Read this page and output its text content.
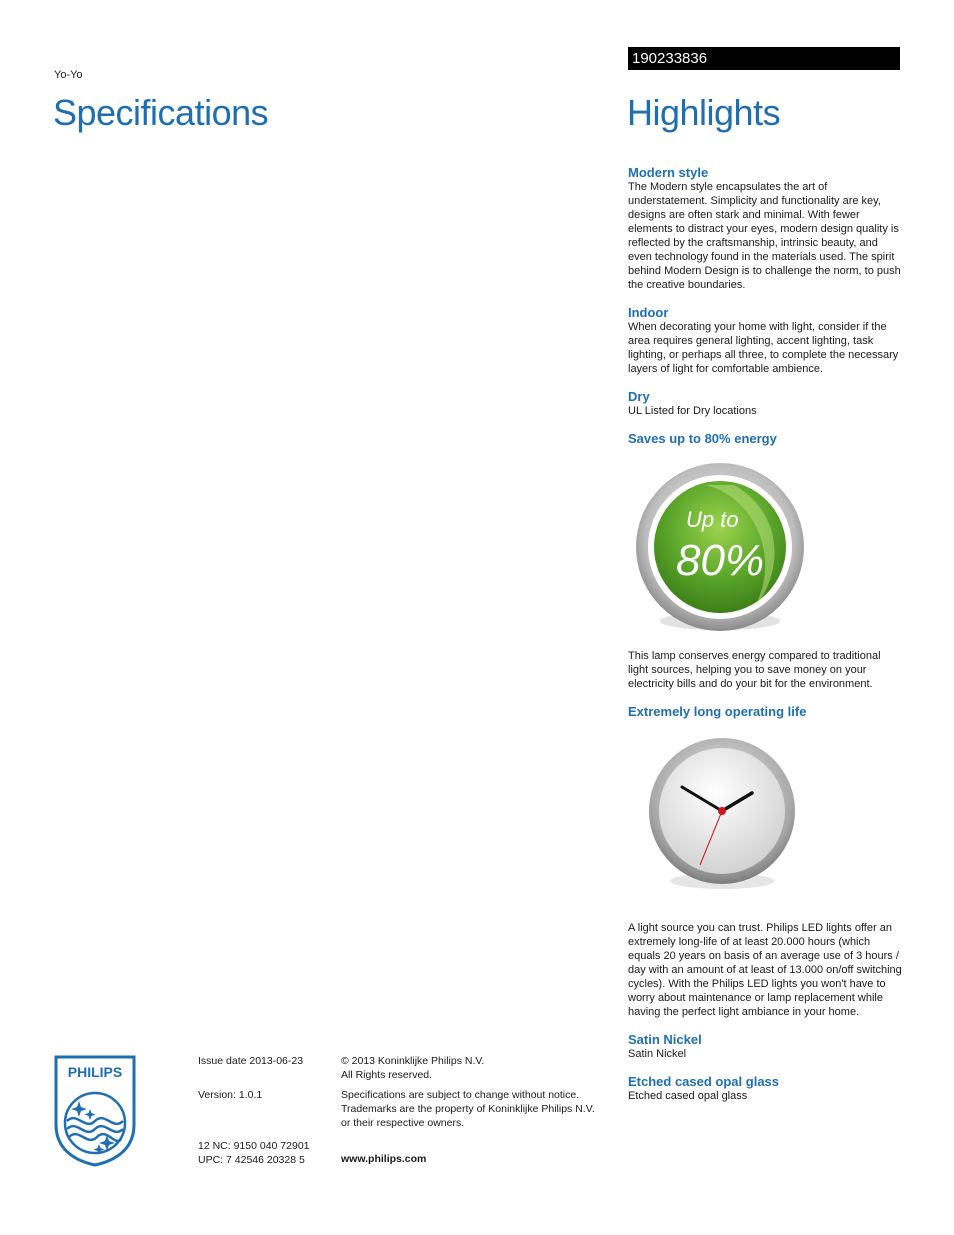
Yo-Yo
Specifications
190233836
Highlights
Modern style
The Modern style encapsulates the art of understatement. Simplicity and functionality are key, designs are often stark and minimal. With fewer elements to distract your eyes, modern design quality is reflected by the craftsmanship, intrinsic beauty, and even technology found in the materials used. The spirit behind Modern Design is to challenge the norm, to push the creative boundaries.
Indoor
When decorating your home with light, consider if the area requires general lighting, accent lighting, task lighting, or perhaps all three, to complete the necessary layers of light for comfortable ambience.
Dry
UL Listed for Dry locations
Saves up to 80% energy
Up to
80%
This lamp conserves energy compared to traditional light sources, helping you to save money on your electricity bills and do your bit for the environment.
Extremely long operating life
A light source you can trust. Philips LED lights offer an extremely long-life of at least 20.000 hours (which equals 20 years on basis of an average use of 3 hours / day with an amount of at least of 13.000 on/off switching cycles). With the Philips LED lights you won't have to worry about maintenance or lamp replacement while having the perfect light ambiance in your home.
Satin Nickel
Satin Nickel
Etched cased opal glass
Etched cased opal glass
PHILIPS
Issue date 2013-06-23
Version: 1.0.1
12 NC: 9150 040 72901
UPC: 7 42546 20328 5
© 2013 Koninklijke Philips N.V.
All Rights reserved.
Specifications are subject to change without notice.
Trademarks are the property of Koninklijke Philips N.V.
or their respective owners.
www.philips.com
